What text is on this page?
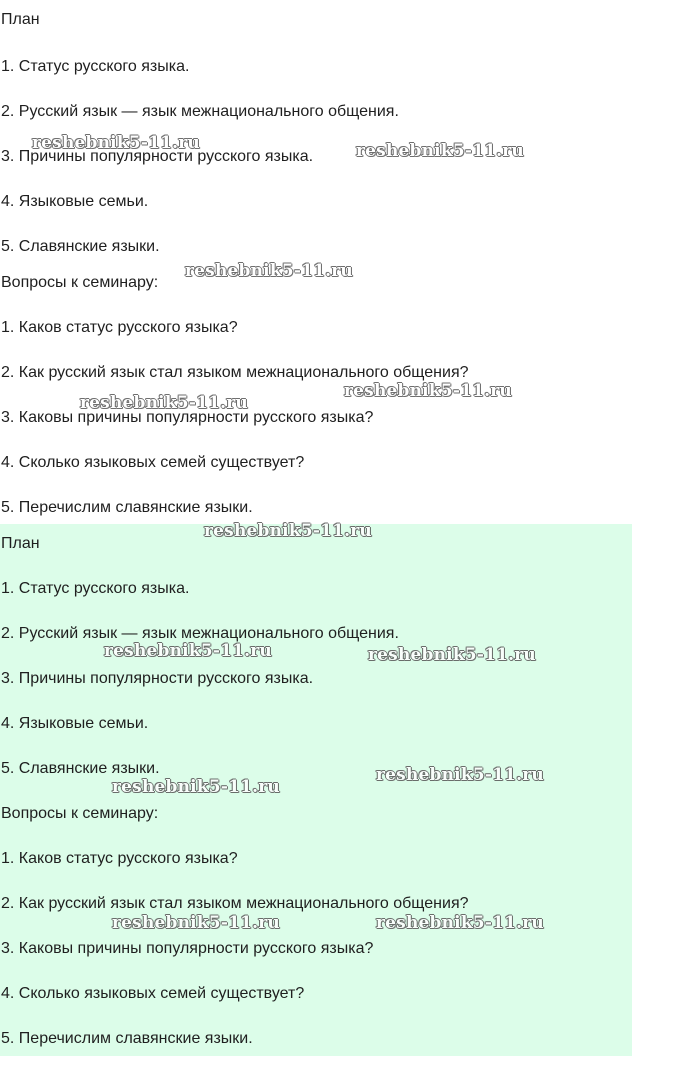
План
1. Статус русского языка.
2. Русский язык — язык межнационального общения.
3. Причины популярности русского языка.
4. Языковые семьи.
5. Славянские языки.
Вопросы к семинару:
1. Каков статус русского языка?
2. Как русский язык стал языком межнационального общения?
3. Каковы причины популярности русского языка?
4. Сколько языковых семей существует?
5. Перечислим славянские языки.
План
1. Статус русского языка.
2. Русский язык — язык межнационального общения.
3. Причины популярности русского языка.
4. Языковые семьи.
5. Славянские языки.
Вопросы к семинару:
1. Каков статус русского языка?
2. Как русский язык стал языком межнационального общения?
3. Каковы причины популярности русского языка?
4. Сколько языковых семей существует?
5. Перечислим славянские языки.
reshebnik5-11.ru	reshebnik5-11.ru
reshebnik5-11.ru
reshebnik5-11.ru
reshebnik5-11.ru
reshebnik5-11.ru
reshebnik5-11.ru	reshebnik5-11.ru
reshebnik5-11.ru
reshebnik5-11.ru
reshebnik5-11.ru	reshebnik5-11.ru
